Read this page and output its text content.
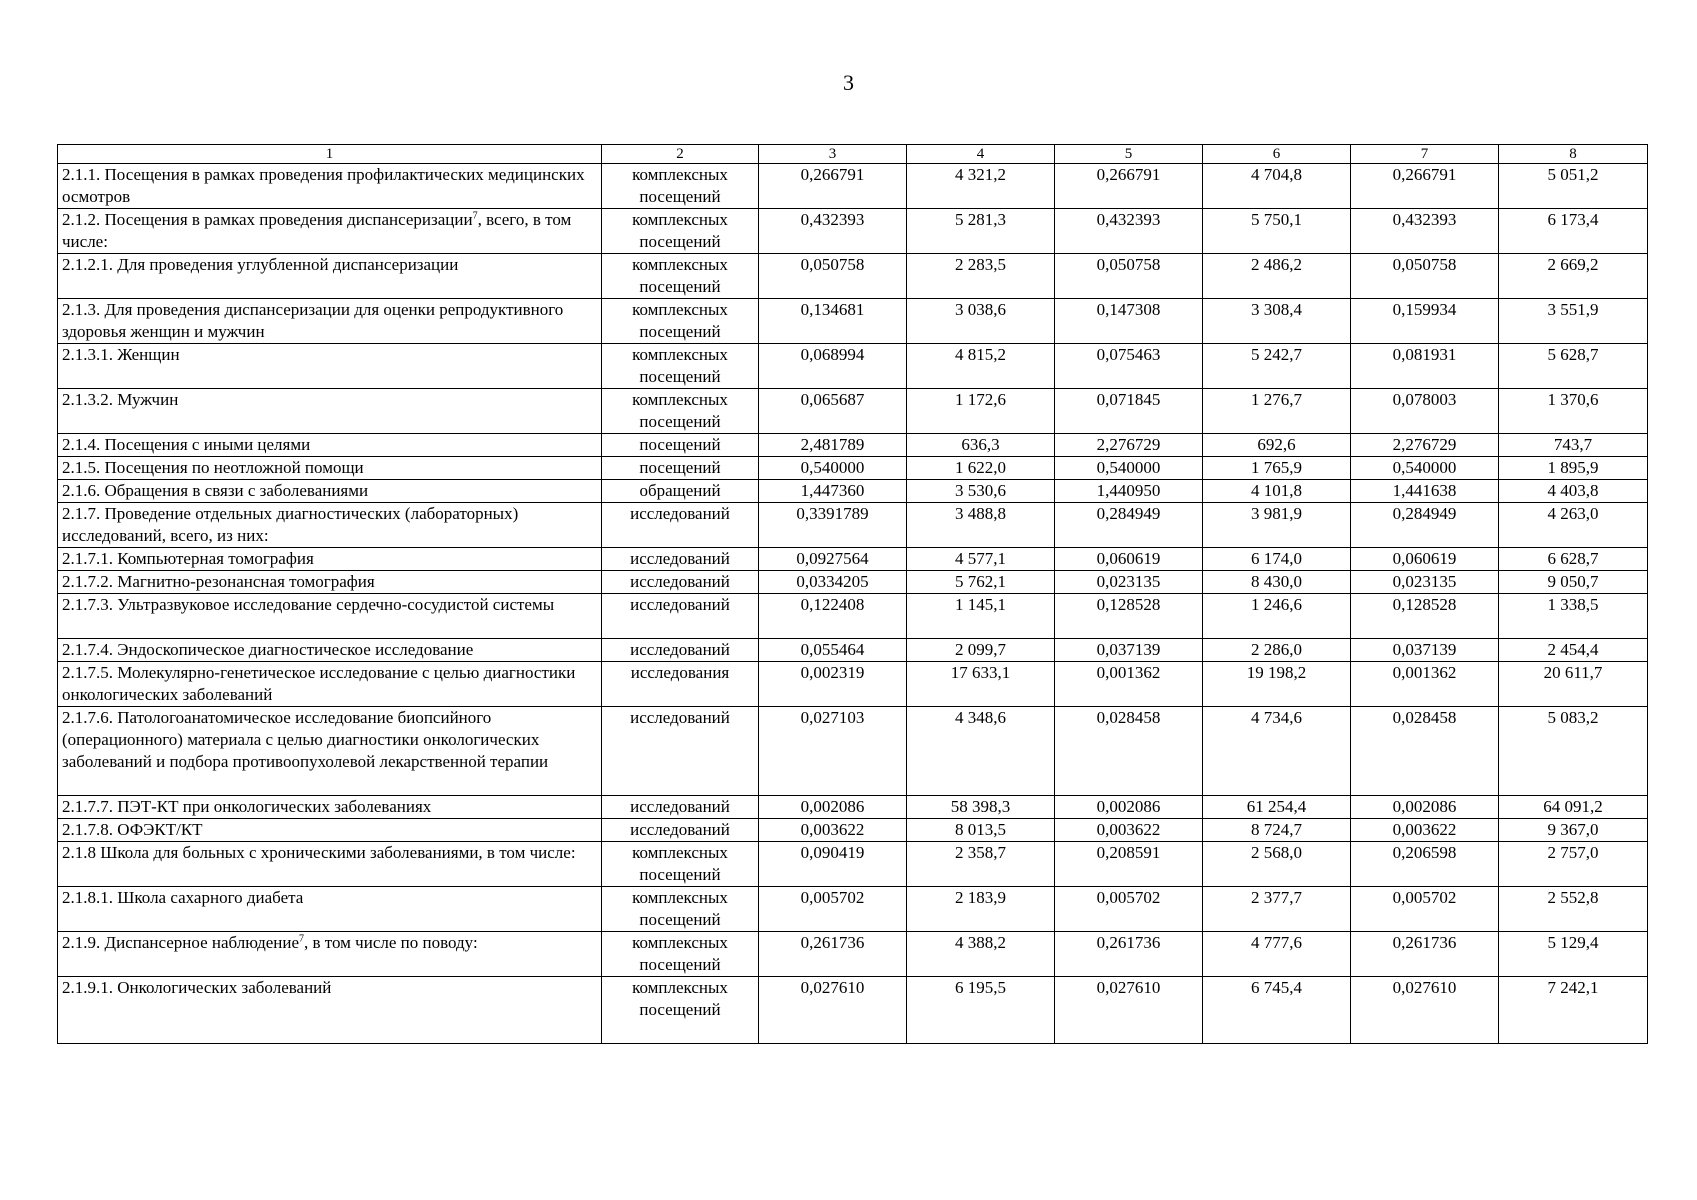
3
1	2	3	4	5	6	7	8
2.1.1. Посещения в рамках проведения профилактических медицинских осмотров	комплексных посещений	0,266791	4 321,2	0,266791	4 704,8	0,266791	5 051,2
2.1.2. Посещения в рамках проведения диспансеризации$^7$, всего, в том числе:	комплексных посещений	0,432393	5 281,3	0,432393	5 750,1	0,432393	6 173,4
2.1.2.1. Для проведения углубленной диспансеризации	комплексных посещений	0,050758	2 283,5	0,050758	2 486,2	0,050758	2 669,2
2.1.3. Для проведения диспансеризации для оценки репродуктивного здоровья женщин и мужчин	комплексных посещений	0,134681	3 038,6	0,147308	3 308,4	0,159934	3 551,9
2.1.3.1. Женщин	комплексных посещений	0,068994	4 815,2	0,075463	5 242,7	0,081931	5 628,7
2.1.3.2. Мужчин	комплексных посещений	0,065687	1 172,6	0,071845	1 276,7	0,078003	1 370,6
2.1.4. Посещения с иными целями	посещений	2,481789	636,3	2,276729	692,6	2,276729	743,7
2.1.5. Посещения по неотложной помощи	посещений	0,540000	1 622,0	0,540000	1 765,9	0,540000	1 895,9
2.1.6. Обращения в связи с заболеваниями	обращений	1,447360	3 530,6	1,440950	4 101,8	1,441638	4 403,8
2.1.7. Проведение отдельных диагностических (лабораторных) исследований, всего, из них:	исследований	0,3391789	3 488,8	0,284949	3 981,9	0,284949	4 263,0
2.1.7.1. Компьютерная томография	исследований	0,0927564	4 577,1	0,060619	6 174,0	0,060619	6 628,7
2.1.7.2. Магнитно-резонансная томография	исследований	0,0334205	5 762,1	0,023135	8 430,0	0,023135	9 050,7
2.1.7.3. Ультразвуковое исследование сердечно-сосудистой системы	исследований	0,122408	1 145,1	0,128528	1 246,6	0,128528	1 338,5
2.1.7.4. Эндоскопическое диагностическое исследование	исследований	0,055464	2 099,7	0,037139	2 286,0	0,037139	2 454,4
2.1.7.5. Молекулярно-генетическое исследование с целью диагностики онкологических заболеваний	исследования	0,002319	17 633,1	0,001362	19 198,2	0,001362	20 611,7
2.1.7.6. Патологоанатомическое исследование биопсийного (операционного) материала с целью диагностики онкологических заболеваний и подбора противоопухолевой лекарственной терапии	исследований	0,027103	4 348,6	0,028458	4 734,6	0,028458	5 083,2
2.1.7.7. ПЭТ-КТ при онкологических заболеваниях	исследований	0,002086	58 398,3	0,002086	61 254,4	0,002086	64 091,2
2.1.7.8. ОФЭКТ/КТ	исследований	0,003622	8 013,5	0,003622	8 724,7	0,003622	9 367,0
2.1.8 Школа для больных с хроническими заболеваниями, в том числе:	комплексных посещений	0,090419	2 358,7	0,208591	2 568,0	0,206598	2 757,0
2.1.8.1. Школа сахарного диабета	комплексных посещений	0,005702	2 183,9	0,005702	2 377,7	0,005702	2 552,8
2.1.9. Диспансерное наблюдение$^7$, в том числе по поводу:	комплексных посещений	0,261736	4 388,2	0,261736	4 777,6	0,261736	5 129,4
2.1.9.1. Онкологических заболеваний	комплексных посещений	0,027610	6 195,5	0,027610	6 745,4	0,027610	7 242,1
